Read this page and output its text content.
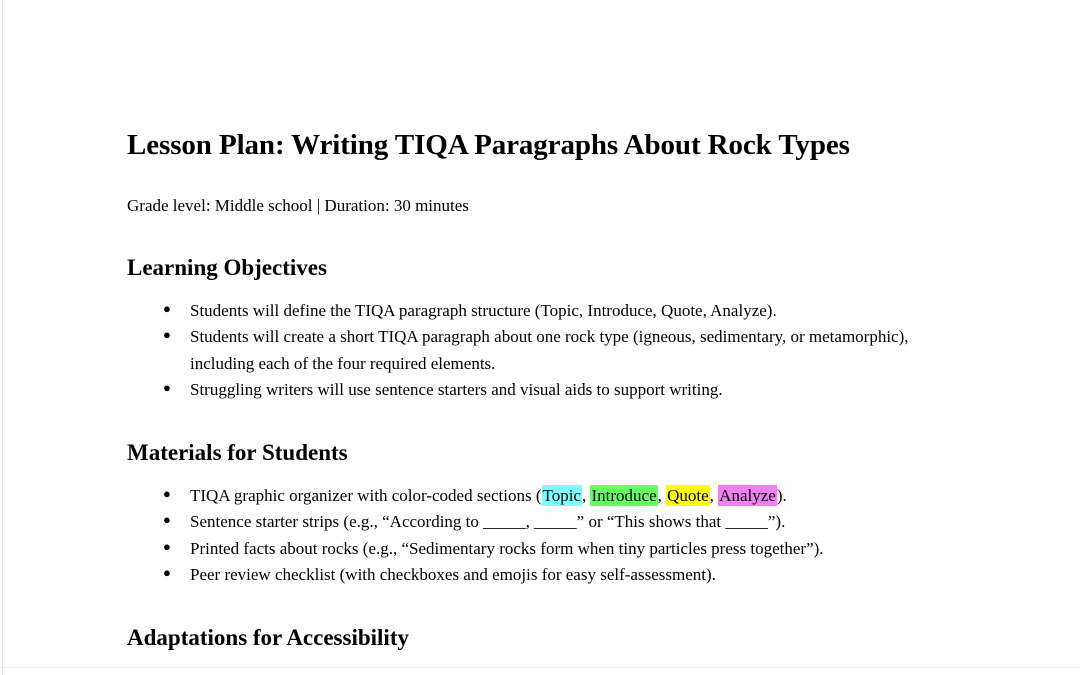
Lesson Plan: Writing TIQA Paragraphs About Rock Types

Grade level: Middle school | Duration: 30 minutes

Learning Objectives
● Students will define the TIQA paragraph structure (Topic, Introduce, Quote, Analyze).
● Students will create a short TIQA paragraph about one rock type (igneous, sedimentary, or metamorphic), including each of the four required elements.
● Struggling writers will use sentence starters and visual aids to support writing.
Materials for Students
● TIQA graphic organizer with color-coded sections (Topic, Introduce, Quote, Analyze).
● Sentence starter strips (e.g., “According to _____, _____” or “This shows that _____”).
● Printed facts about rocks (e.g., “Sedimentary rocks form when tiny particles press together”).
● Peer review checklist (with checkboxes and emojis for easy self-assessment).
Adaptations for Accessibility
